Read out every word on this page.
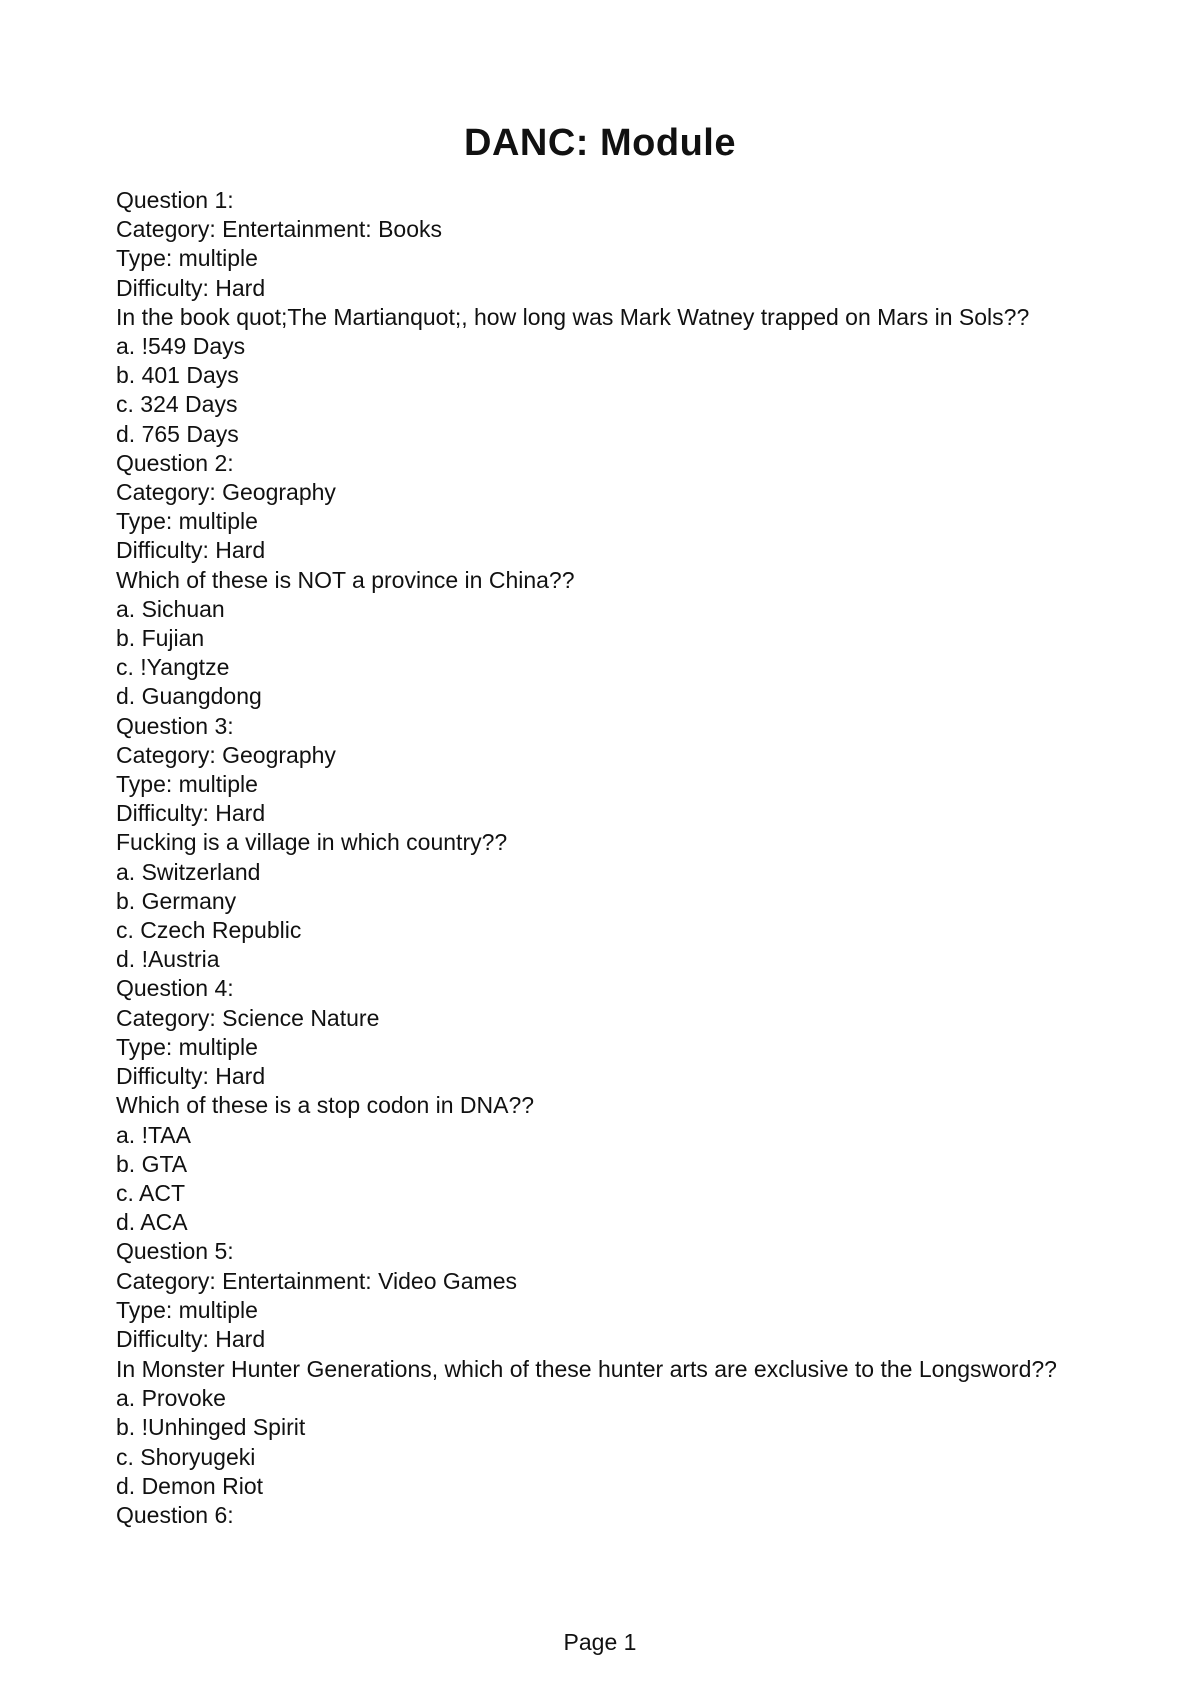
DANC: Module
Question 1:
Category: Entertainment: Books
Type: multiple
Difficulty: Hard
In the book quot;The Martianquot;, how long was Mark Watney trapped on Mars in Sols??
a. !549 Days
b. 401 Days
c. 324 Days
d. 765 Days
Question 2:
Category: Geography
Type: multiple
Difficulty: Hard
Which of these is NOT a province in China??
a. Sichuan
b. Fujian
c. !Yangtze
d. Guangdong
Question 3:
Category: Geography
Type: multiple
Difficulty: Hard
Fucking is a village in which country??
a. Switzerland
b. Germany
c. Czech Republic
d. !Austria
Question 4:
Category: Science Nature
Type: multiple
Difficulty: Hard
Which of these is a stop codon in DNA??
a. !TAA
b. GTA
c. ACT
d. ACA
Question 5:
Category: Entertainment: Video Games
Type: multiple
Difficulty: Hard
In Monster Hunter Generations, which of these hunter arts are exclusive to the Longsword??
a. Provoke
b. !Unhinged Spirit
c. Shoryugeki
d. Demon Riot
Question 6:
Page 1
